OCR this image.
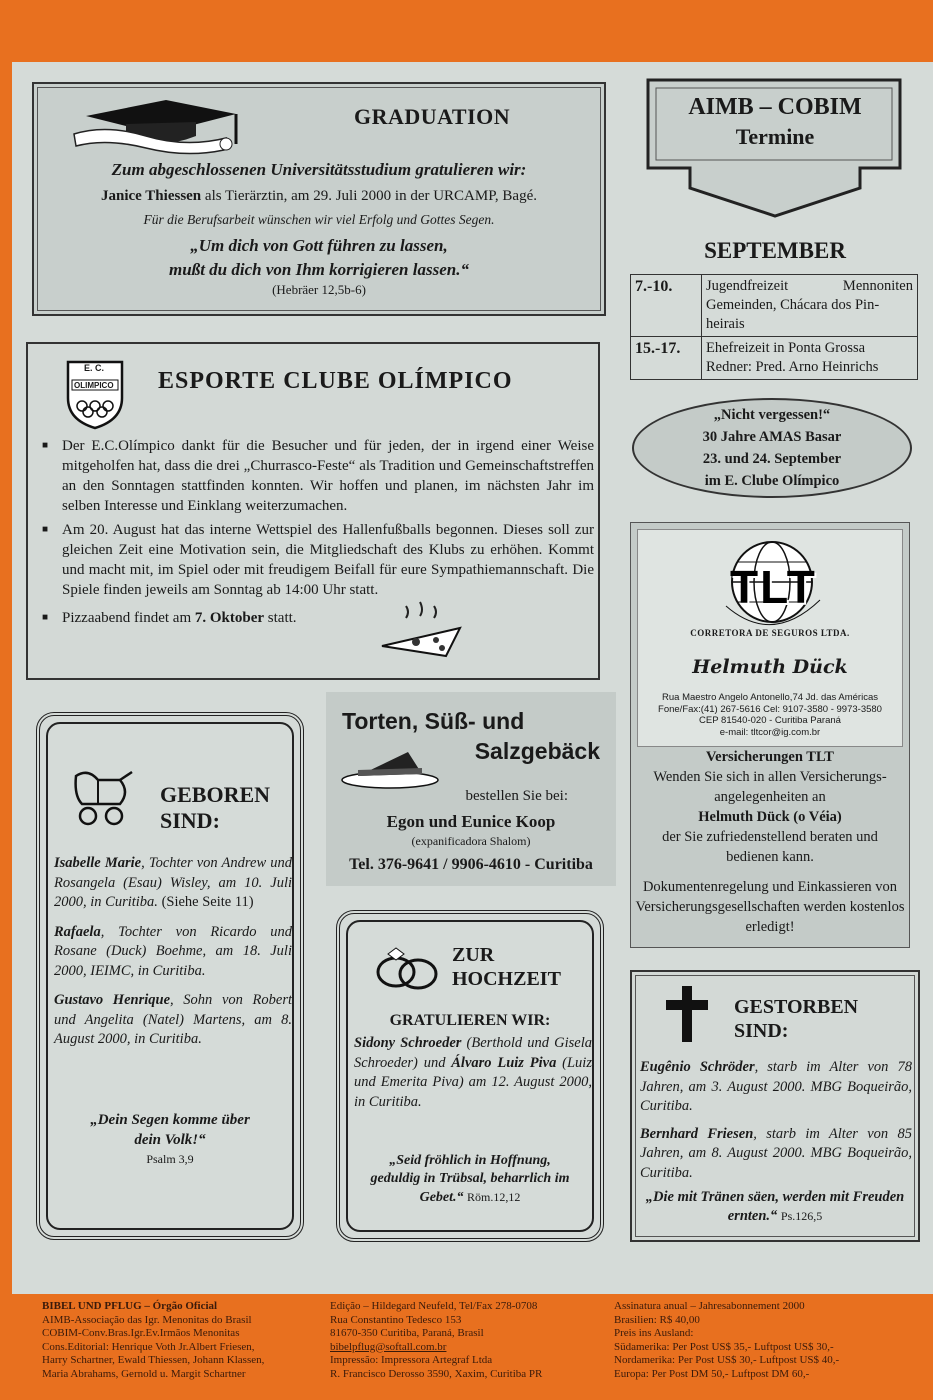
GRADUATION
Zum abgeschlossenen Universitätsstudium gratulieren wir:
Janice Thiessen als Tierärztin, am 29. Juli 2000 in der URCAMP, Bagé.
Für die Berufsarbeit wünschen wir viel Erfolg und Gottes Segen.
„Um dich von Gott führen zu lassen,
mußt du dich von Ihm korrigieren lassen.“
(Hebräer 12,5b-6)
AIMB – COBIM
Termine
SEPTEMBER
7.-10.	Jugendfreizeit Mennoniten
Gemeinden, Chácara dos Pin-
heirais

15.-17.	Ehefreizeit in Ponta Grossa
Redner: Pred. Arno Heinrichs
„Nicht vergessen!“
30 Jahre AMAS Basar
23. und 24. September
im E. Clube Olímpico
E. C.
OLIMPICO ESPORTE CLUBE OLÍMPICO
■ Der E.C.Olímpico dankt für die Besucher und für jeden, der in irgend einer Weise mitgeholfen hat, dass die drei „Churrasco-Feste“ als Tradition und Gemeinschaftstreffen an den Sonntagen stattfinden konnten. Wir hoffen und planen, im nächsten Jahr im selben Interesse und Einklang weiterzumachen.
■ Am 20. August hat das interne Wettspiel des Hallenfußballs begonnen. Dieses soll zur gleichen Zeit eine Motivation sein, die Mitgliedschaft des Klubs zu erhöhen. Kommt und macht mit, im Spiel oder mit freudigem Beifall für eure Sympathiemannschaft. Die Spiele finden jeweils am Sonntag ab 14:00 Uhr statt.
■ Pizzaabend findet am 7. Oktober statt.
Torten, Süß- und
Salzgebäck
bestellen Sie bei:
Egon und Eunice Koop
(expanificadora Shalom)
Tel. 376-9641 / 9906-4610 - Curitiba
GEBOREN
SIND:
Isabelle Marie, Tochter von Andrew und Rosangela (Esau) Wisley, am 10. Juli 2000, in Curitiba. (Siehe Seite 11)
Rafaela, Tochter von Ricardo und Rosane (Duck) Boehme, am 18. Juli 2000, IEIMC, in Curitiba.
Gustavo Henrique, Sohn von Robert und Angelita (Natel) Martens, am 8. August 2000, in Curitiba.
„Dein Segen komme über
dein Volk!“
Psalm 3,9
ZUR
HOCHZEIT
GRATULIEREN WIR:
Sidony Schroeder (Berthold und Gisela Schroeder) und Álvaro Luiz Piva (Luiz und Emerita Piva) am 12. August 2000, in Curitiba.
„Seid fröhlich in Hoffnung, geduldig in Trübsal, beharrlich im Gebet.“ Röm.12,12
TLT
CORRETORA DE SEGUROS LTDA.
Helmuth Dück
Rua Maestro Angelo Antonello,74 Jd. das Américas
Fone/Fax:(41) 267-5616 Cel: 9107-3580 - 9973-3580
CEP 81540-020 - Curitiba Paraná
e-mail: tltcor@ig.com.br
Versicherungen TLT
Wenden Sie sich in allen Versicherungs-angelegenheiten an
Helmuth Dück (o Véia)
der Sie zufriedenstellend beraten und bedienen kann.
Dokumentenregelung und Einkassieren von Versicherungsgesellschaften werden kostenlos erledigt!
GESTORBEN
SIND:
Eugênio Schröder, starb im Alter von 78 Jahren, am 3. August 2000. MBG Boqueirão, Curitiba.
Bernhard Friesen, starb im Alter von 85 Jahren, am 8. August 2000. MBG Boqueirão, Curitiba.
„Die mit Tränen säen, werden mit Freuden ernten.“ Ps.126,5
BIBEL UND PFLUG – Órgão Oficial
AIMB-Associação das Igr. Menonitas do Brasil
COBIM-Conv.Bras.Igr.Ev.Irmãos Menonitas
Cons.Editorial: Henrique Voth Jr.Albert Friesen,
Harry Schartner, Ewald Thiessen, Johann Klassen,
Maria Abrahams, Gernold u. Margit Schartner
Edição – Hildegard Neufeld, Tel/Fax 278-0708
Rua Constantino Tedesco 153
81670-350 Curitiba, Paraná, Brasil
bibelpflug@softall.com.br
Impressão: Impressora Artegraf Ltda
R. Francisco Derosso 3590, Xaxim, Curitiba PR
Assinatura anual – Jahresabonnement 2000
Brasilien: R$ 40,00
Preis ins Ausland:
Südamerika: Per Post US$ 35,- Luftpost US$ 30,-
Nordamerika: Per Post US$ 30,- Luftpost US$ 40,-
Europa: Per Post DM 50,- Luftpost DM 60,-
